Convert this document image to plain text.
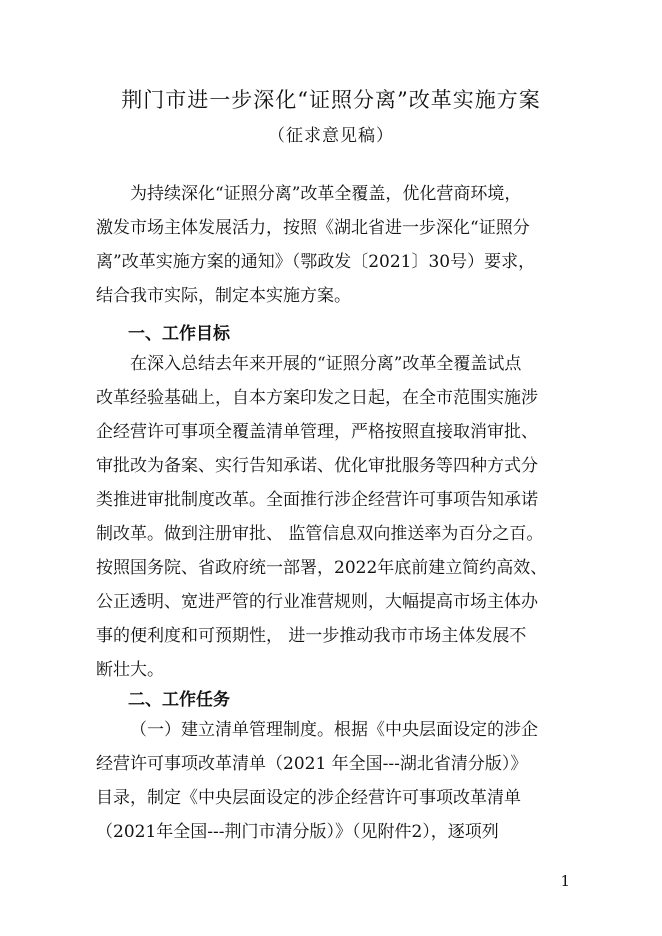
荆门市进一步深化“证照分离”改革实施方案
（征求意见稿）
为持续深化“证照分离”改革全覆盖，优化营商环境，
激发市场主体发展活力，按照《湖北省进一步深化“证照分
离”改革实施方案的通知》（鄂政发〔2021〕30号）要求，
结合我市实际，制定本实施方案。
一、工作目标
在深入总结去年来开展的“证照分离”改革全覆盖试点
改革经验基础上，自本方案印发之日起，在全市范围实施涉
企经营许可事项全覆盖清单管理，严格按照直接取消审批、
审批改为备案、实行告知承诺、优化审批服务等四种方式分
类推进审批制度改革。全面推行涉企经营许可事项告知承诺
制改革。做到注册审批、 监管信息双向推送率为百分之百。
按照国务院、省政府统一部署，2022年底前建立简约高效、
公正透明、宽进严管的行业准营规则，大幅提高市场主体办
事的便利度和可预期性， 进一步推动我市市场主体发展不
断壮大。
二、工作任务
（一）建立清单管理制度。根据《中央层面设定的涉企
经营许可事项改革清单（2021 年全国---湖北省清分版）》
目录，制定《中央层面设定的涉企经营许可事项改革清单
（2021年全国---荆门市清分版）》（见附件2），逐项列
1
